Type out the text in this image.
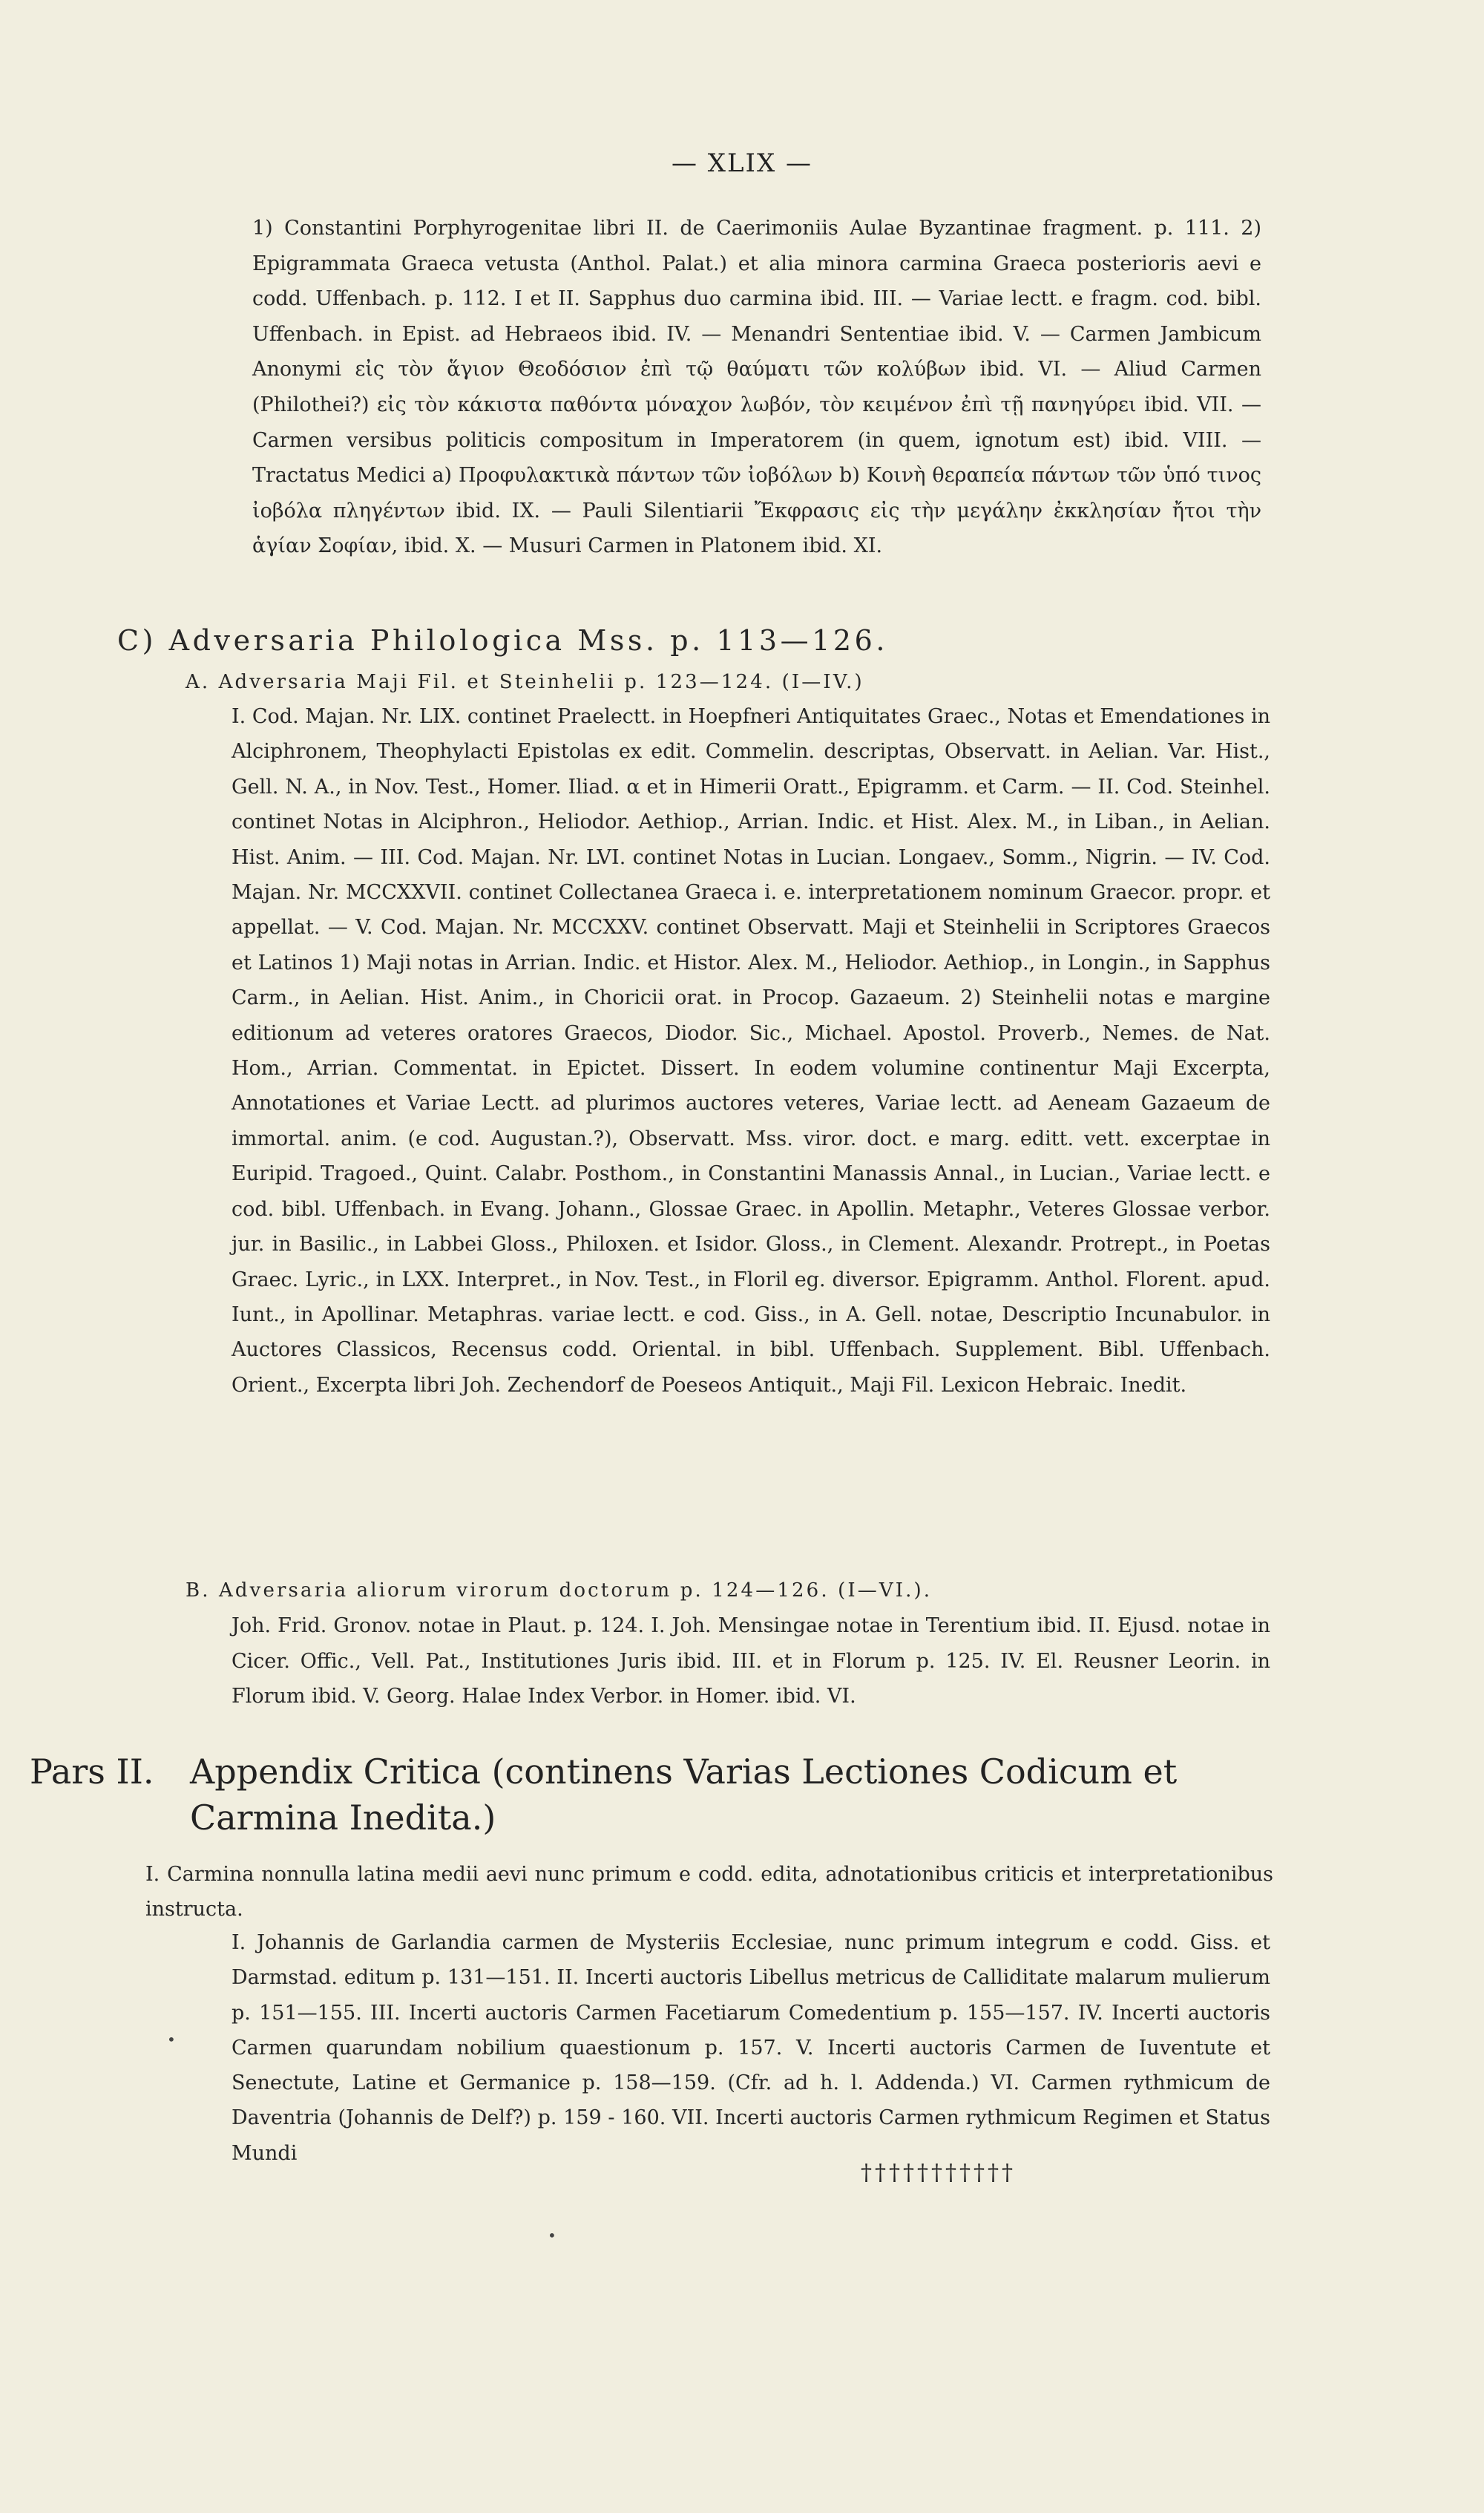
— XLIX —

1) Constantini Porphyrogenitae libri II. de Caerimoniis Aulae Byzantinae fragment. p. 111. 2) Epigrammata Graeca vetusta (Anthol. Palat.) et alia minora carmina Graeca posterioris aevi e codd. Uffenbach. p. 112. I et II. Sapphus duo carmina ibid. III. — Variae lectt. e fragm. cod. bibl. Uffenbach. in Epist. ad Hebraeos ibid. IV. — Menandri Sententiae ibid. V. — Carmen Jambicum Anonymi εἰς τὸν ἅγιον Θεοδόσιον ἐπὶ τῷ θαύματι τῶν κολύβων ibid. VI. — Aliud Carmen (Philothei?) εἰς τὸν κάκιστα παθόντα μόναχον λωβόν, τὸν κειμένον ἐπὶ τῇ πανηγύρει ibid. VII. — Carmen versibus politicis compositum in Imperatorem (in quem, ignotum est) ibid. VIII. — Tractatus Medici a) Προφυλακτικὰ πάντων τῶν ἰοβόλων b) Κοινὴ θεραπεία πάντων τῶν ὑπό τινος ἰοβόλα πληγέντων ibid. IX. — Pauli Silentiarii Ἔκφρασις εἰς τὴν μεγάλην ἐκκλησίαν ἤτοι τὴν ἁγίαν Σοφίαν, ibid. X. — Musuri Carmen in Platonem ibid. XI.

C) Adversaria Philologica Mss. p. 113—126.
A. Adversaria Maji Fil. et Steinhelii p. 123—124. (I—IV.)

I. Cod. Majan. Nr. LIX. continet Praelectt. in Hoepfneri Antiquitates Graec., Notas et Emendationes in Alciphronem, Theophylacti Epistolas ex edit. Commelin. descriptas, Observatt. in Aelian. Var. Hist., Gell. N. A., in Nov. Test., Homer. Iliad. α et in Himerii Oratt., Epigramm. et Carm. — II. Cod. Steinhel. continet Notas in Alciphron., Heliodor. Aethiop., Arrian. Indic. et Hist. Alex. M., in Liban., in Aelian. Hist. Anim. — III. Cod. Majan. Nr. LVI. continet Notas in Lucian. Longaev., Somm., Nigrin. — IV. Cod. Majan. Nr. MCCXXVII. continet Collectanea Graeca i. e. interpretationem nominum Graecor. propr. et appellat. — V. Cod. Majan. Nr. MCCXXV. continet Observatt. Maji et Steinhelii in Scriptores Graecos et Latinos 1) Maji notas in Arrian. Indic. et Histor. Alex. M., Heliodor. Aethiop., in Longin., in Sapphus Carm., in Aelian. Hist. Anim., in Choricii orat. in Procop. Gazaeum. 2) Steinhelii notas e margine editionum ad veteres oratores Graecos, Diodor. Sic., Michael. Apostol. Proverb., Nemes. de Nat. Hom., Arrian. Commentat. in Epictet. Dissert. In eodem volumine continentur Maji Excerpta, Annotationes et Variae Lectt. ad plurimos auctores veteres, Variae lectt. ad Aeneam Gazaeum de immortal. anim. (e cod. Augustan.?), Observatt. Mss. viror. doct. e marg. editt. vett. excerptae in Euripid. Tragoed., Quint. Calabr. Posthom., in Constantini Manassis Annal., in Lucian., Variae lectt. e cod. bibl. Uffenbach. in Evang. Johann., Glossae Graec. in Apollin. Metaphr., Veteres Glossae verbor. jur. in Basilic., in Labbei Gloss., Philoxen. et Isidor. Gloss., in Clement. Alexandr. Protrept., in Poetas Graec. Lyric., in LXX. Interpret., in Nov. Test., in Floril eg. diversor. Epigramm. Anthol. Florent. apud. Iunt., in Apollinar. Metaphras. variae lectt. e cod. Giss., in A. Gell. notae, Descriptio Incunabulor. in Auctores Classicos, Recensus codd. Oriental. in bibl. Uffenbach. Supplement. Bibl. Uffenbach. Orient., Excerpta libri Joh. Zechendorf de Poeseos Antiquit., Maji Fil. Lexicon Hebraic. Inedit.

B. Adversaria aliorum virorum doctorum p. 124—126. (I—VI.).

Joh. Frid. Gronov. notae in Plaut. p. 124. I. Joh. Mensingae notae in Terentium ibid. II. Ejusd. notae in Cicer. Offic., Vell. Pat., Institutiones Juris ibid. III. et in Florum p. 125. IV. El. Reusner Leorin. in Florum ibid. V. Georg. Halae Index Verbor. in Homer. ibid. VI.

Pars II. Appendix Critica (continens Varias Lectiones Codicum et Carmina Inedita.)

I. Carmina nonnulla latina medii aevi nunc primum e codd. edita, adnotationibus criticis et interpretationibus instructa.

I. Johannis de Garlandia carmen de Mysteriis Ecclesiae, nunc primum integrum e codd. Giss. et Darmstad. editum p. 131—151. II. Incerti auctoris Libellus metricus de Calliditate malarum mulierum p. 151—155. III. Incerti auctoris Carmen Facetiarum Comedentium p. 155—157. IV. Incerti auctoris Carmen quarundam nobilium quaestionum p. 157. V. Incerti auctoris Carmen de Iuventute et Senectute, Latine et Germanice p. 158—159. (Cfr. ad h. l. Addenda.) VI. Carmen rythmicum de Daventria (Johannis de Delf?) p. 159 - 160. VII. Incerti auctoris Carmen rythmicum Regimen et Status Mundi

†††††††††††
•
•
